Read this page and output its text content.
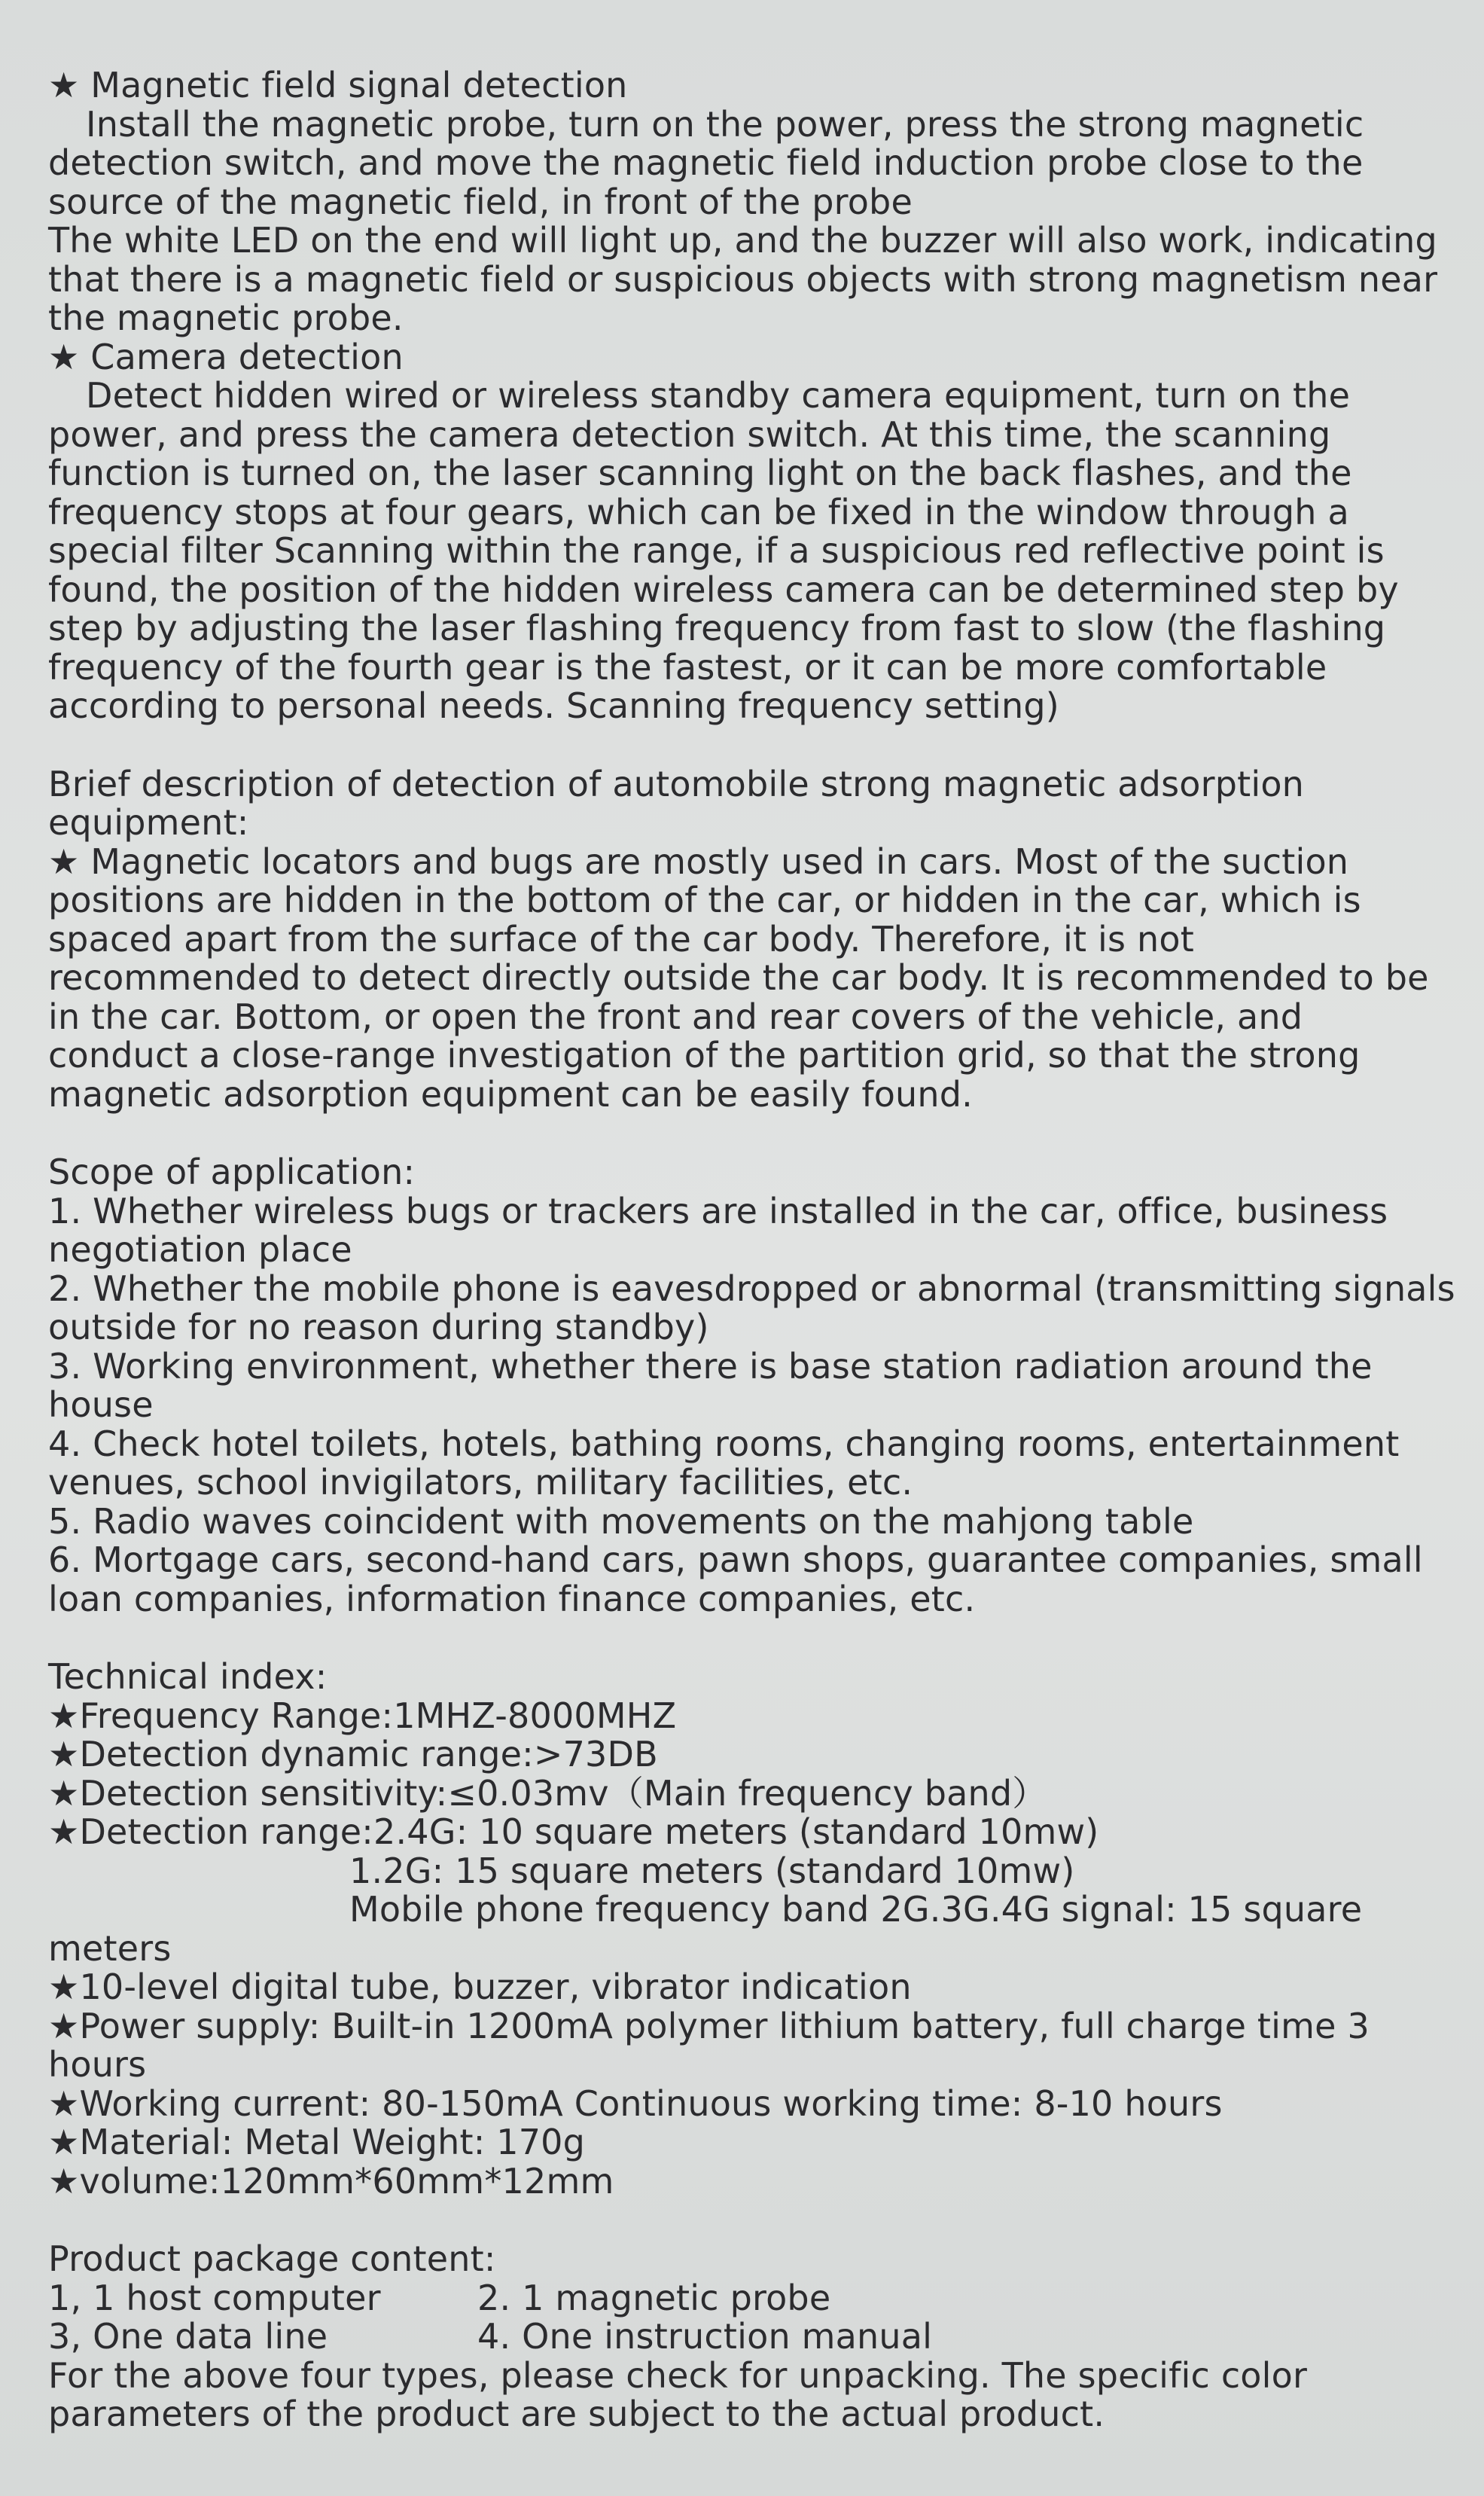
★ Magnetic field signal detection
Install the magnetic probe, turn on the power, press the strong magnetic
detection switch, and move the magnetic field induction probe close to the
source of the magnetic field, in front of the probe
The white LED on the end will light up, and the buzzer will also work, indicating
that there is a magnetic field or suspicious objects with strong magnetism near
the magnetic probe.
★ Camera detection
Detect hidden wired or wireless standby camera equipment, turn on the
power, and press the camera detection switch. At this time, the scanning
function is turned on, the laser scanning light on the back flashes, and the
frequency stops at four gears, which can be fixed in the window through a
special filter Scanning within the range, if a suspicious red reflective point is
found, the position of the hidden wireless camera can be determined step by
step by adjusting the laser flashing frequency from fast to slow (the flashing
frequency of the fourth gear is the fastest, or it can be more comfortable
according to personal needs. Scanning frequency setting)
Brief description of detection of automobile strong magnetic adsorption
equipment:
★ Magnetic locators and bugs are mostly used in cars. Most of the suction
positions are hidden in the bottom of the car, or hidden in the car, which is
spaced apart from the surface of the car body. Therefore, it is not
recommended to detect directly outside the car body. It is recommended to be
in the car. Bottom, or open the front and rear covers of the vehicle, and
conduct a close-range investigation of the partition grid, so that the strong
magnetic adsorption equipment can be easily found.
Scope of application:
1. Whether wireless bugs or trackers are installed in the car, office, business
negotiation place
2. Whether the mobile phone is eavesdropped or abnormal (transmitting signals
outside for no reason during standby)
3. Working environment, whether there is base station radiation around the
house
4. Check hotel toilets, hotels, bathing rooms, changing rooms, entertainment
venues, school invigilators, military facilities, etc.
5. Radio waves coincident with movements on the mahjong table
6. Mortgage cars, second-hand cars, pawn shops, guarantee companies, small
loan companies, information finance companies, etc.
Technical index:
★Frequency Range:1MHZ-8000MHZ
★Detection dynamic range:>73DB
★Detection sensitivity:≤0.03mv（Main frequency band）
★Detection range:2.4G: 10 square meters (standard 10mw)
1.2G: 15 square meters (standard 10mw)
Mobile phone frequency band 2G.3G.4G signal: 15 square
meters
★10-level digital tube, buzzer, vibrator indication
★Power supply: Built-in 1200mA polymer lithium battery, full charge time 3
hours
★Working current: 80-150mA Continuous working time: 8-10 hours
★Material: Metal Weight: 170g
★volume:120mm*60mm*12mm
Product package content:
1, 1 host computer	2. 1 magnetic probe
3, One data line	4. One instruction manual
For the above four types, please check for unpacking. The specific color
parameters of the product are subject to the actual product.
